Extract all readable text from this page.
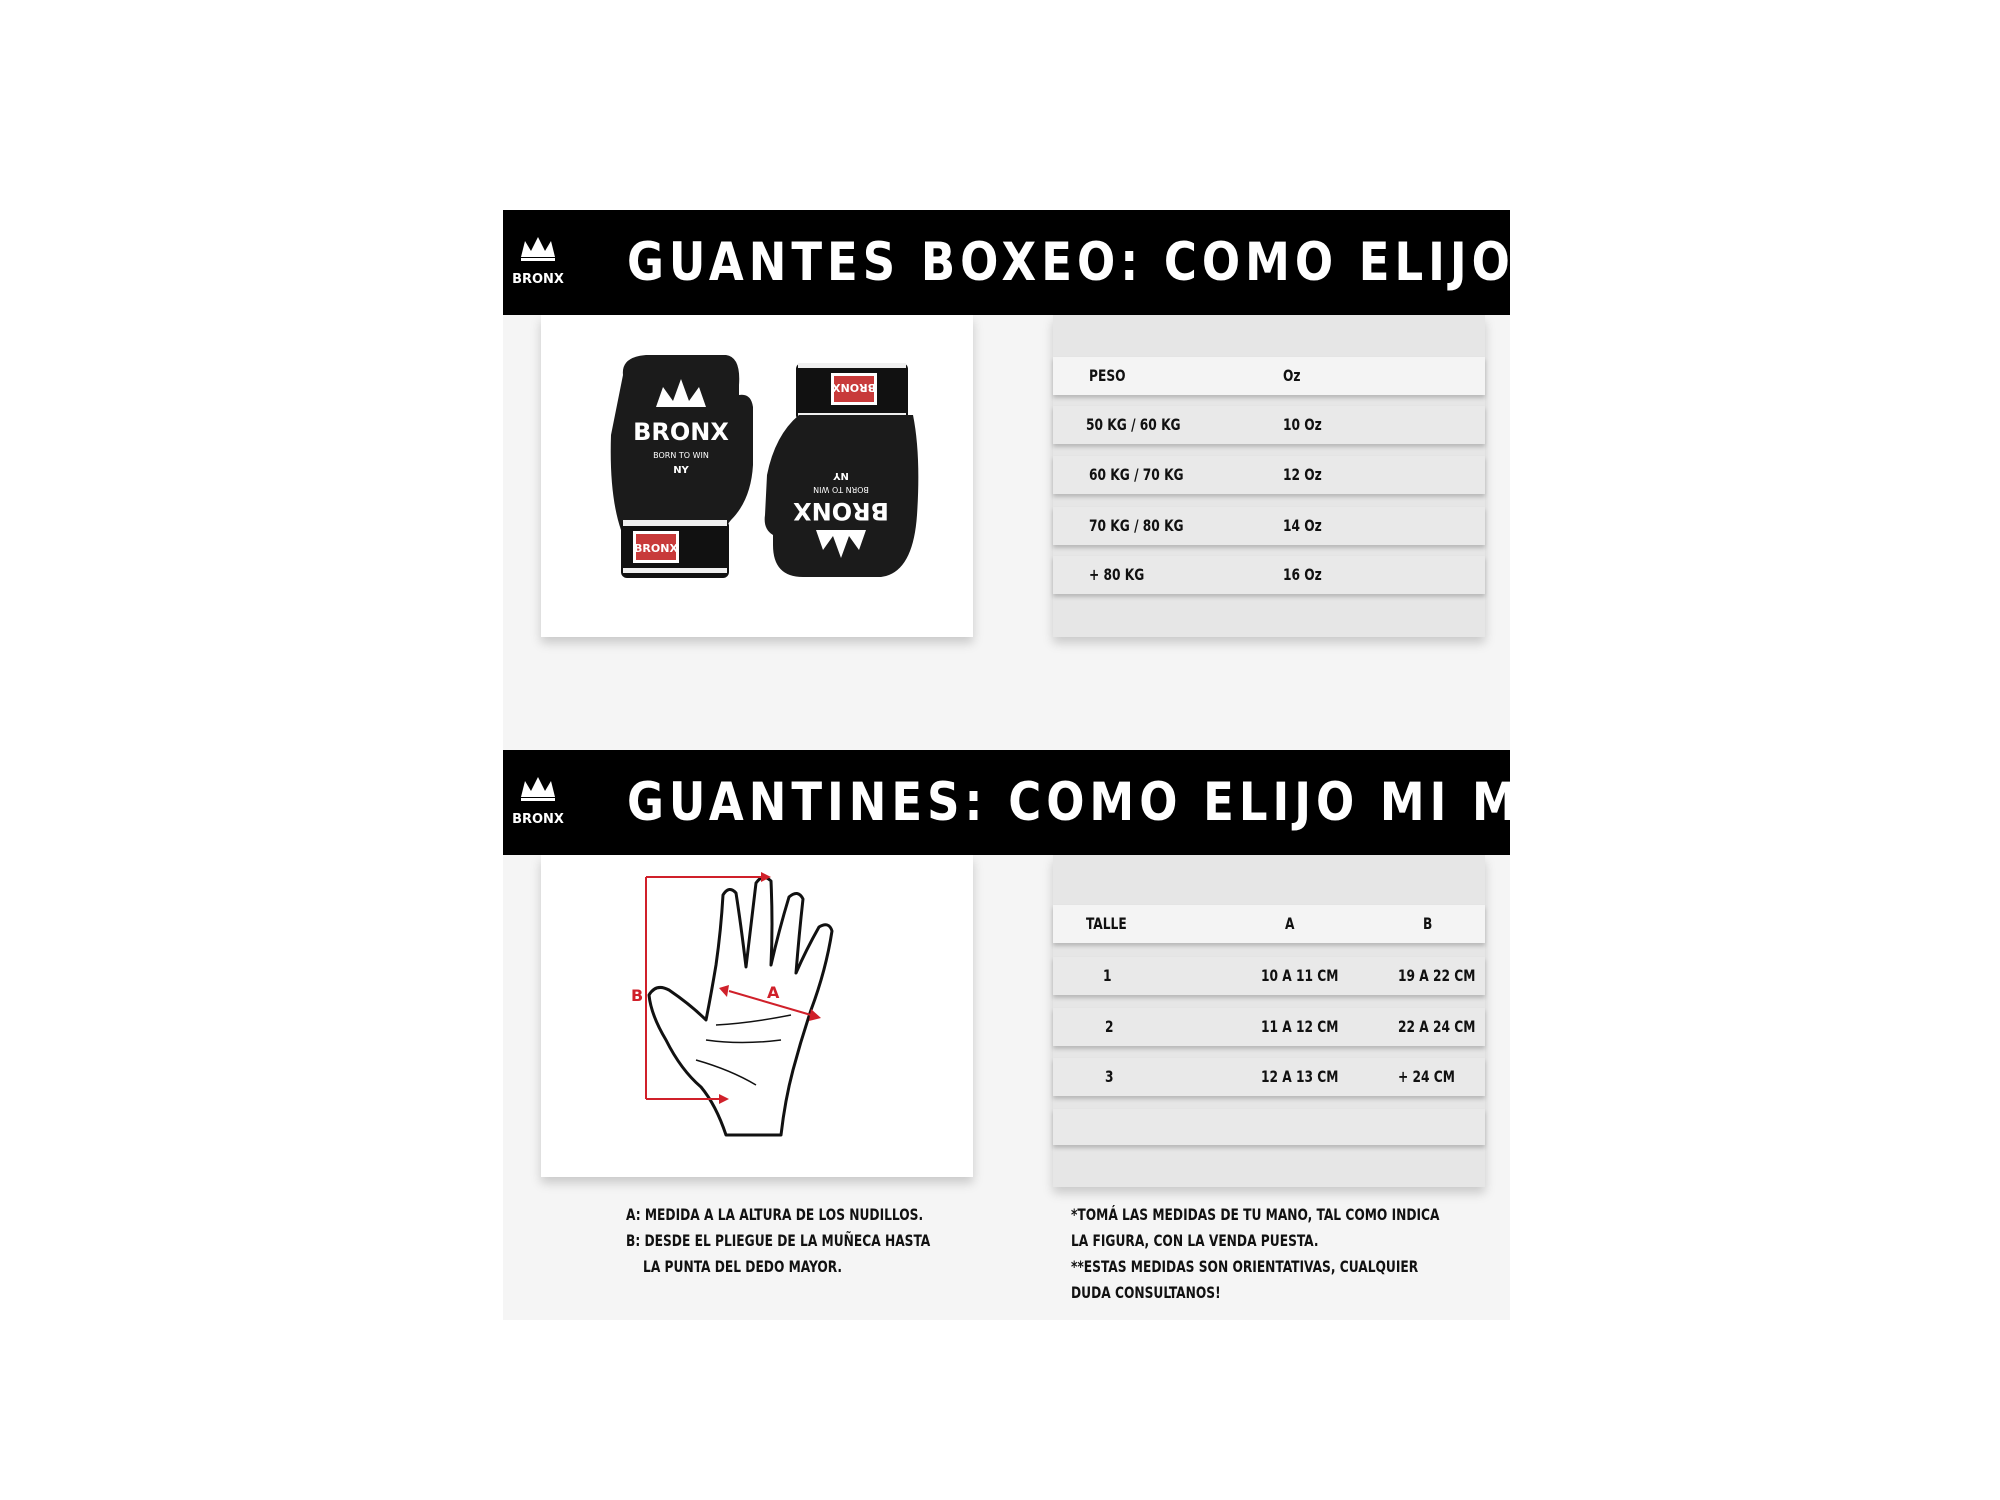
BRONX GUANTES BOXEO: COMO ELIJO MI MEDIDA?
BRONX
BRONX
BORN TO WIN
NY
BRONX
BRONX
BORN TO WIN
NY
PESO	Oz
50 KG / 60 KG	10 Oz
60 KG / 70 KG	12 Oz
70 KG / 80 KG	14 Oz
+ 80 KG	16 Oz
BRONX GUANTINES: COMO ELIJO MI MEDIDA?
B	A
TALLE	A	B
1	10 A 11 CM	19 A 22 CM
2	11 A 12 CM	22 A 24 CM
3	12 A 13 CM	+ 24 CM
A: MEDIDA A LA ALTURA DE LOS NUDILLOS.
B: DESDE EL PLIEGUE DE LA MUÑECA HASTA
LA PUNTA DEL DEDO MAYOR.
*TOMÁ LAS MEDIDAS DE TU MANO, TAL COMO INDICA
LA FIGURA, CON LA VENDA PUESTA.
**ESTAS MEDIDAS SON ORIENTATIVAS, CUALQUIER
DUDA CONSULTANOS!
